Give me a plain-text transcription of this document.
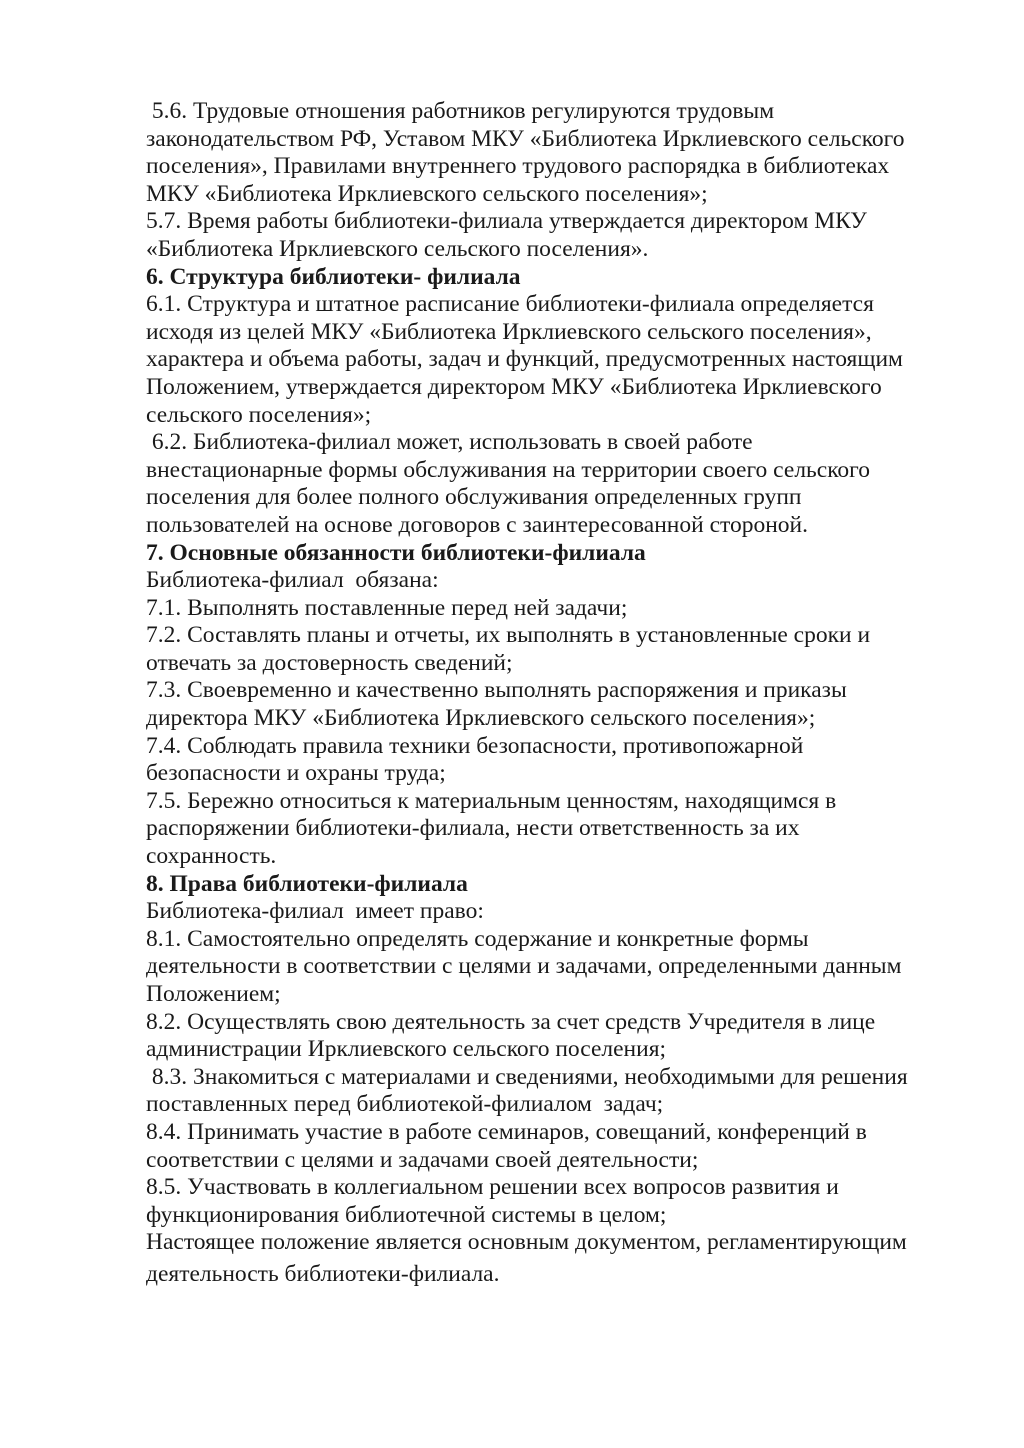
5.6. Трудовые отношения работников регулируются трудовым
законодательством РФ, Уставом МКУ «Библиотека Ирклиевского сельского
поселения», Правилами внутреннего трудового распорядка в библиотеках
МКУ «Библиотека Ирклиевского сельского поселения»;
5.7. Время работы библиотеки-филиала утверждается директором МКУ
«Библиотека Ирклиевского сельского поселения».
6. Структура библиотеки- филиала
6.1. Структура и штатное расписание библиотеки-филиала определяется
исходя из целей МКУ «Библиотека Ирклиевского сельского поселения»,
характера и объема работы, задач и функций, предусмотренных настоящим
Положением, утверждается директором МКУ «Библиотека Ирклиевского
сельского поселения»;
6.2. Библиотека-филиал может, использовать в своей работе
внестационарные формы обслуживания на территории своего сельского
поселения для более полного обслуживания определенных групп
пользователей на основе договоров с заинтересованной стороной.
7. Основные обязанности библиотеки-филиала
Библиотека-филиал  обязана:
7.1. Выполнять поставленные перед ней задачи;
7.2. Составлять планы и отчеты, их выполнять в установленные сроки и
отвечать за достоверность сведений;
7.3. Своевременно и качественно выполнять распоряжения и приказы
директора МКУ «Библиотека Ирклиевского сельского поселения»;
7.4. Соблюдать правила техники безопасности, противопожарной
безопасности и охраны труда;
7.5. Бережно относиться к материальным ценностям, находящимся в
распоряжении библиотеки-филиала, нести ответственность за их
сохранность.
8. Права библиотеки-филиала
Библиотека-филиал  имеет право:
8.1. Самостоятельно определять содержание и конкретные формы
деятельности в соответствии с целями и задачами, определенными данным
Положением;
8.2. Осуществлять свою деятельность за счет средств Учредителя в лице
администрации Ирклиевского сельского поселения;
8.3. Знакомиться с материалами и сведениями, необходимыми для решения
поставленных перед библиотекой-филиалом  задач;
8.4. Принимать участие в работе семинаров, совещаний, конференций в
соответствии с целями и задачами своей деятельности;
8.5. Участвовать в коллегиальном решении всех вопросов развития и
функционирования библиотечной системы в целом;
Настоящее положение является основным документом, регламентирующим
деятельность библиотеки-филиала.
